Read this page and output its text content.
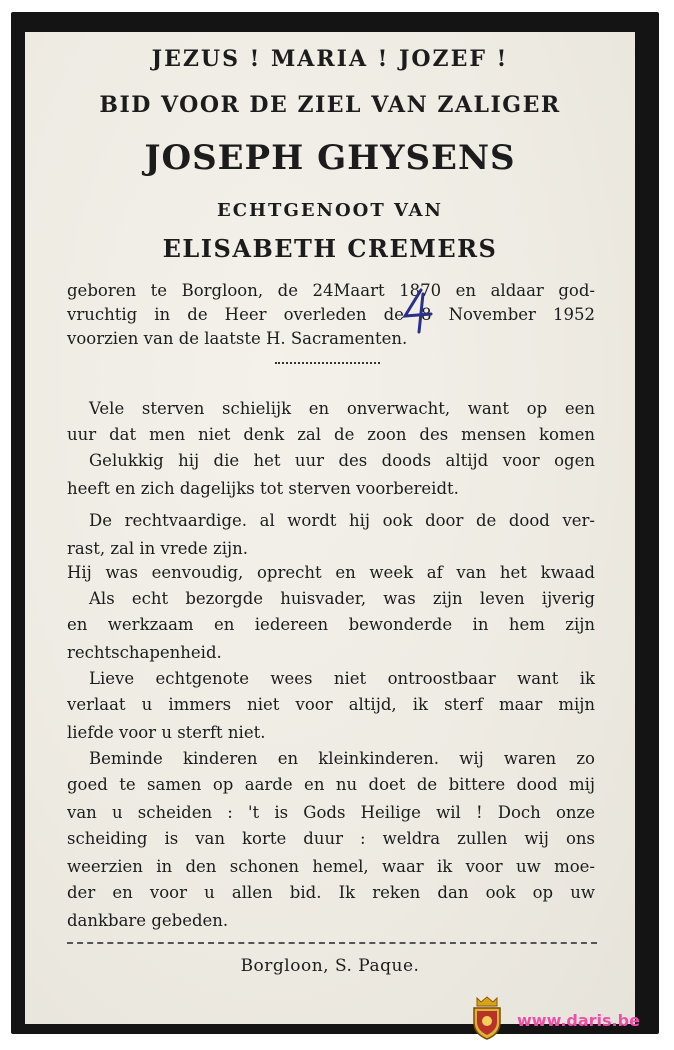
JEZUS ! MARIA ! JOZEF !
BID VOOR DE ZIEL VAN ZALIGER
JOSEPH GHYSENS
ECHTGENOOT VAN
ELISABETH CREMERS
geboren te Borgloon, de 24Maart 1870 en aldaar god-
vruchtig in de Heer overleden de 8 November 1952
voorzien van de laatste H. Sacramenten.
Vele sterven schielijk en onverwacht, want op een
uur dat men niet denk zal de zoon des mensen komen
Gelukkig hij die het uur des doods altijd voor ogen
heeft en zich dagelijks tot sterven voorbereidt.
De rechtvaardige. al wordt hij ook door de dood ver-
rast, zal in vrede zijn.
Hij was eenvoudig, oprecht en week af van het kwaad
Als echt bezorgde huisvader, was zijn leven ijverig
en werkzaam en iedereen bewonderde in hem zijn
rechtschapenheid.
Lieve echtgenote wees niet ontroostbaar want ik
verlaat u immers niet voor altijd, ik sterf maar mijn
liefde voor u sterft niet.
Beminde kinderen en kleinkinderen. wij waren zo
goed te samen op aarde en nu doet de bittere dood mij
van u scheiden : 't is Gods Heilige wil ! Doch onze
scheiding is van korte duur : weldra zullen wij ons
weerzien in den schonen hemel, waar ik voor uw moe-
der en voor u allen bid. Ik reken dan ook op uw
dankbare gebeden.
Borgloon, S. Paque.
www.daris.be
